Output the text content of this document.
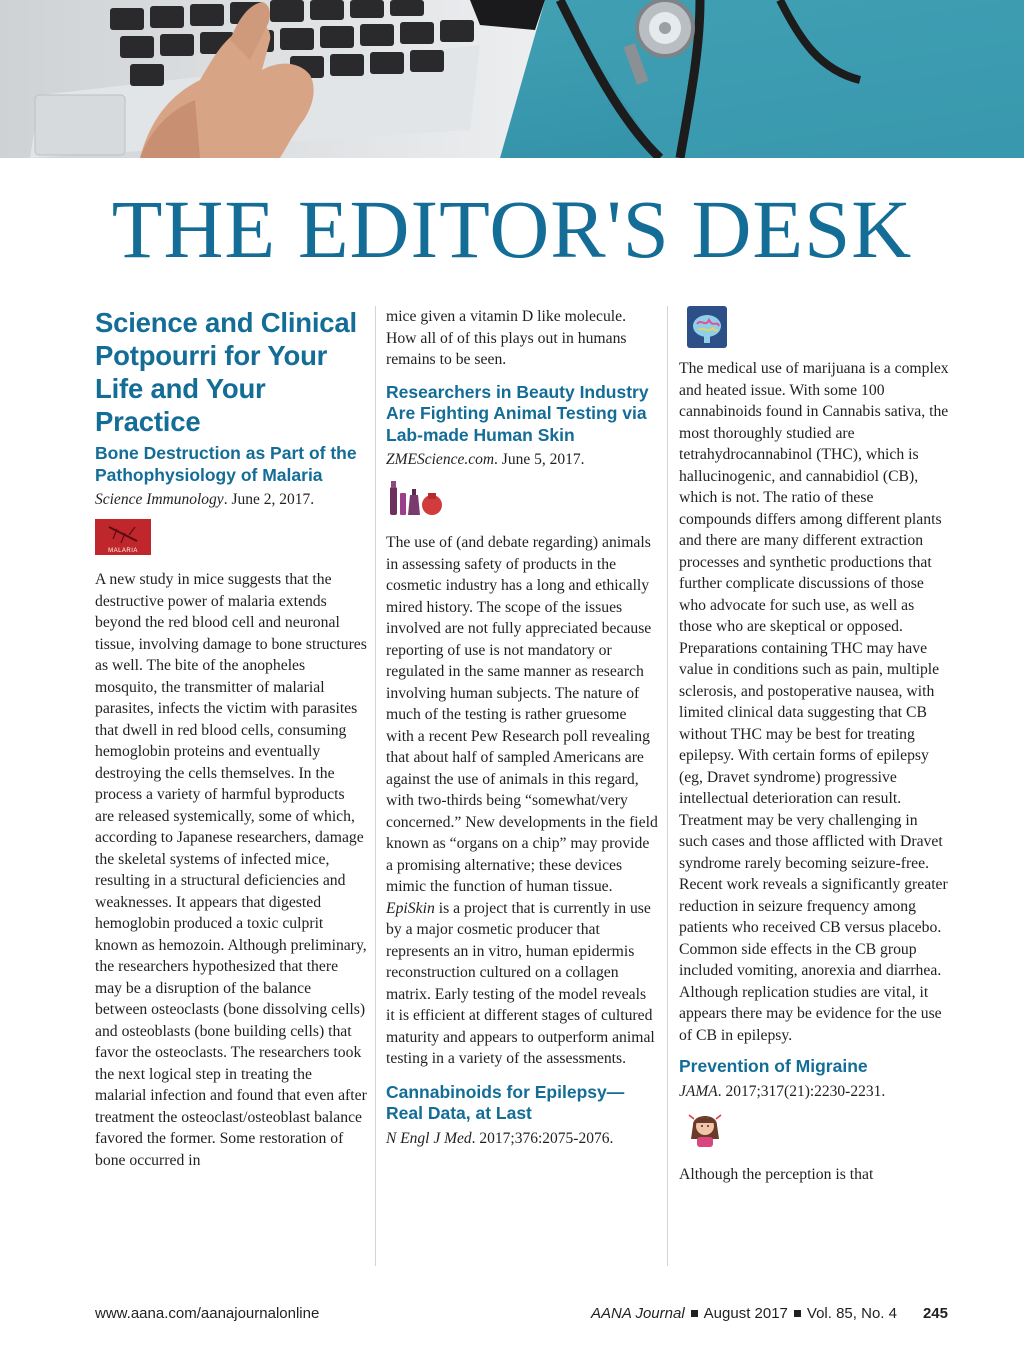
THE EDITOR'S DESK
Science and Clinical Potpourri for Your Life and Your Practice
Bone Destruction as Part of the Pathophysiology of Malaria

Science Immunology. June 2, 2017.

MALARIA

A new study in mice suggests that the destructive power of malaria extends beyond the red blood cell and neuronal tissue, involving damage to bone structures as well. The bite of the anopheles mosquito, the transmitter of malarial parasites, infects the victim with parasites that dwell in red blood cells, consuming hemoglobin proteins and eventually destroying the cells themselves. In the process a variety of harmful byproducts are released systemically, some of which, according to Japanese researchers, damage the skeletal systems of infected mice, resulting in a structural deficiencies and weaknesses. It appears that digested hemoglobin produced a toxic culprit known as hemozoin. Although preliminary, the researchers hypothesized that there may be a disruption of the balance between osteoclasts (bone dissolving cells) and osteoblasts (bone building cells) that favor the osteoclasts. The researchers took the next logical step in treating the malarial infection and found that even after treatment the osteoclast/osteoblast balance favored the former. Some restoration of bone occurred in

mice given a vitamin D like molecule. How all of of this plays out in humans remains to be seen.

Researchers in Beauty Industry Are Fighting Animal Testing via Lab-made Human Skin

ZMEScience.com. June 5, 2017.

The use of (and debate regarding) animals in assessing safety of products in the cosmetic industry has a long and ethically mired history. The scope of the issues involved are not fully appreciated because reporting of use is not mandatory or regulated in the same manner as research involving human subjects. The nature of much of the testing is rather gruesome with a recent Pew Research poll revealing that about half of sampled Americans are against the use of animals in this regard, with two-thirds being “somewhat/very concerned.” New developments in the field known as “organs on a chip” may provide a promising alternative; these devices mimic the function of human tissue. EpiSkin is a project that is currently in use by a major cosmetic producer that represents an in vitro, human epidermis reconstruction cultured on a collagen matrix. Early testing of the model reveals it is efficient at different stages of cultured maturity and appears to outperform animal testing in a variety of the assessments.

Cannabinoids for Epilepsy—Real Data, at Last

N Engl J Med. 2017;376:2075-2076.

The medical use of marijuana is a complex and heated issue. With some 100 cannabinoids found in Cannabis sativa, the most thoroughly studied are tetrahydrocannabinol (THC), which is hallucinogenic, and cannabidiol (CB), which is not. The ratio of these compounds differs among different plants and there are many different extraction processes and synthetic productions that further complicate discussions of those who advocate for such use, as well as those who are skeptical or opposed. Preparations containing THC may have value in conditions such as pain, multiple sclerosis, and postoperative nausea, with limited clinical data suggesting that CB without THC may be best for treating epilepsy. With certain forms of epilepsy (eg, Dravet syndrome) progressive intellectual deterioration can result. Treatment may be very challenging in such cases and those afflicted with Dravet syndrome rarely becoming seizure-free. Recent work reveals a significantly greater reduction in seizure frequency among patients who received CB versus placebo. Common side effects in the CB group included vomiting, anorexia and diarrhea. Although replication studies are vital, it appears there may be evidence for the use of CB in epilepsy.

Prevention of Migraine

JAMA. 2017;317(21):2230-2231.

Although the perception is that

www.aana.com/aanajournalonline	AANA Journal August 2017 Vol. 85, No. 4 245
